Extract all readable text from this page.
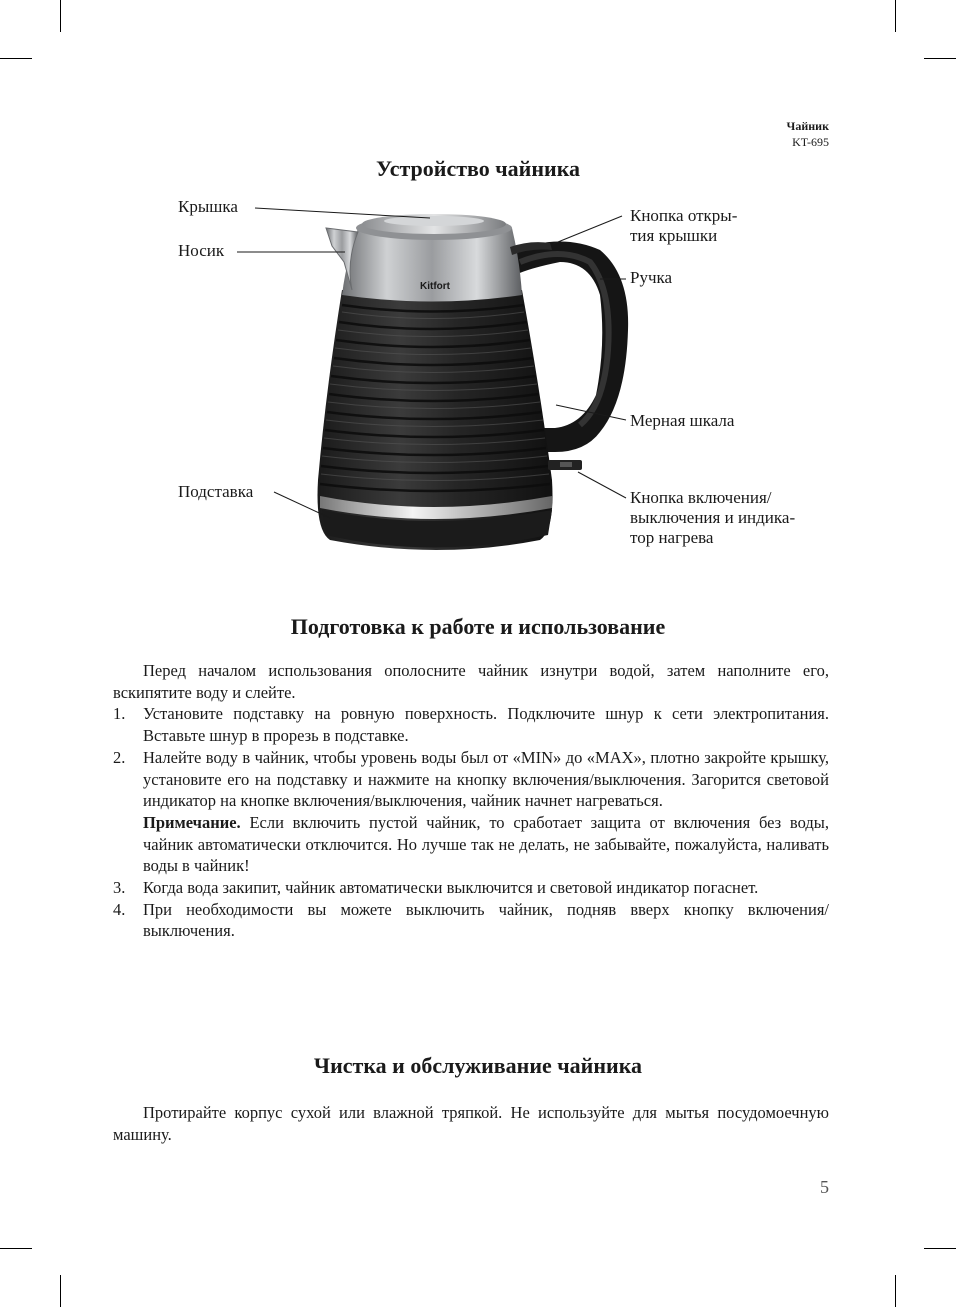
Чайник
KT-695
Устройство чайника
Kitfort
Крышка
Носик
Подставка
Кнопка откры-
тия крышки
Ручка
Мерная шкала
Кнопка включения/
выключения и индика-
тор нагрева
Подготовка к работе и использование

Перед началом использования ополосните чайник изнутри водой, затем наполните его, вскипятите воду и слейте.

1. Установите подставку на ровную поверхность. Подключите шнур к сети электропитания. Вставьте шнур в прорезь в подставке.
2. Налейте воду в чайник, чтобы уровень воды был от «MIN» до «MAX», плотно закройте крышку, установите его на подставку и нажмите на кнопку включения/выключения. Загорится световой индикатор на кнопке включения/выключения, чайник начнет нагреваться.
Примечание. Если включить пустой чайник, то сработает защита от включения без воды, чайник автоматически отключится. Но лучше так не делать, не забывайте, пожалуйста, наливать воды в чайник!
3. Когда вода закипит, чайник автоматически выключится и световой индикатор погаснет.
4. При необходимости вы можете выключить чайник, подняв вверх кнопку включения/выключения.
Чистка и обслуживание чайника

Протирайте корпус сухой или влажной тряпкой. Не используйте для мытья посудомоечную машину.

5
